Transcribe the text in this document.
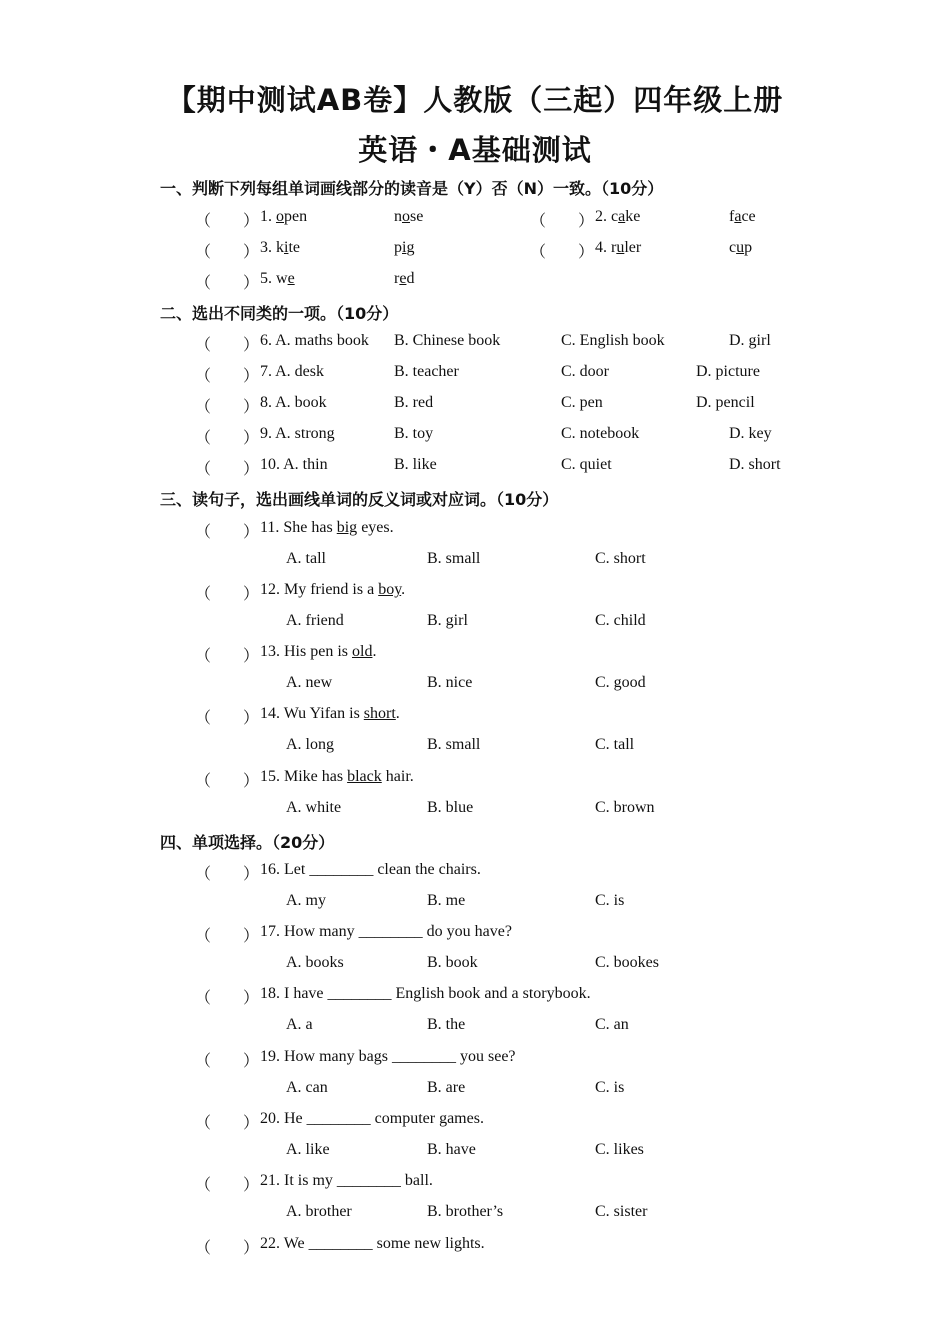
【期中测试AB卷】人教版（三起）四年级上册
英语・A基础测试
一、判断下列每组单词画线部分的读音是（Y）否（N）一致。（10分）
二、选出不同类的一项。（10分）
三、读句子，选出画线单词的反义词或对应词。（10分）
四、单项选择。（20分）
（　　） 1. open	nose	（　　） 2. cake	face
（　　） 3. kite	pig	（　　） 4. ruler	cup
（　　） 5. we	red
（　　） 6. A. maths book B. Chinese book	C. English book	D. girl
（　　） 7. A. desk	B. teacher	C. door	D. picture
（　　） 8. A. book	B. red	C. pen	D. pencil
（　　） 9. A. strong	B. toy	C. notebook	D. key
（　　） 10. A. thin	B. like	C. quiet	D. short
（　　） 11. She has big eyes.
A. tall	B. small	C. short
（　　） 12. My friend is a boy.
A. friend	B. girl	C. child
（　　） 13. His pen is old.
A. new	B. nice	C. good
（　　） 14. Wu Yifan is short.
A. long	B. small	C. tall
（　　） 15. Mike has black hair.
A. white	B. blue	C. brown
（　　） 16. Let ________ clean the chairs.
A. my	B. me	C. is
（　　） 17. How many ________ do you have?
A. books	B. book	C. bookes
（　　） 18. I have ________ English book and a storybook.
A. a	B. the	C. an
（　　） 19. How many bags ________ you see?
A. can	B. are	C. is
（　　） 20. He ________ computer games.
A. like	B. have	C. likes
（　　） 21. It is my ________ ball.
A. brother	B. brother’s	C. sister
（　　） 22. We ________ some new lights.
